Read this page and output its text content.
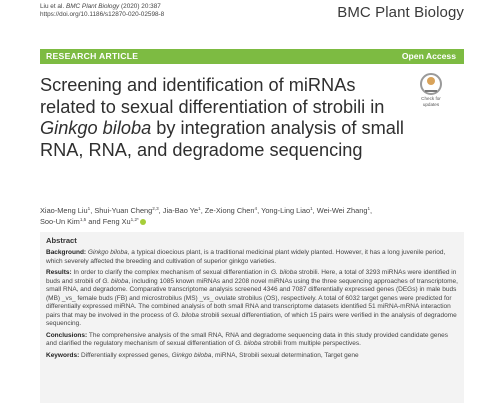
Liu et al. BMC Plant Biology (2020) 20:387
https://doi.org/10.1186/s12870-020-02598-8	BMC Plant Biology
RESEARCH ARTICLE	Open Access
Screening and identification of miRNAs related to sexual differentiation of strobili in Ginkgo biloba by integration analysis of small RNA, RNA, and degradome sequencing
Check for
updates
Xiao-Meng Liu$^1$, Shui-Yuan Cheng$^{2,3}$, Jia-Bao Ye$^1$, Ze-Xiong Chen$^4$, Yong-Ling Liao$^1$, Wei-Wei Zhang$^1$,
Soo-Un Kim$^{1,5}$ and Feng $Xu^{1,2*}$
Abstract

Background: Ginkgo biloba, a typical dioecious plant, is a traditional medicinal plant widely planted. However, it has a long juvenile period, which severely affected the breeding and cultivation of superior ginkgo varieties.

Results: In order to clarify the complex mechanism of sexual differentiation in G. biloba strobili. Here, a total of 3293 miRNAs were identified in buds and strobili of G. biloba, including 1085 known miRNAs and 2208 novel miRNAs using the three sequencing approaches of transcriptome, small RNA, and degradome. Comparative transcriptome analysis screened 4346 and 7087 differentially expressed genes (DEGs) in male buds (MB) _vs_ female buds (FB) and microstrobilus (MS) _vs_ ovulate strobilus (OS), respectively. A total of 6032 target genes were predicted for differentially expressed miRNA. The combined analysis of both small RNA and transcriptome datasets identified 51 miRNA-mRNA interaction pairs that may be involved in the process of G. biloba strobili sexual differentiation, of which 15 pairs were verified in the analysis of degradome sequencing.

Conclusions: The comprehensive analysis of the small RNA, RNA and degradome sequencing data in this study provided candidate genes and clarified the regulatory mechanism of sexual differentiation of G. biloba strobili from multiple perspectives.

Keywords: Differentially expressed genes, Ginkgo biloba, miRNA, Strobili sexual determination, Target gene
